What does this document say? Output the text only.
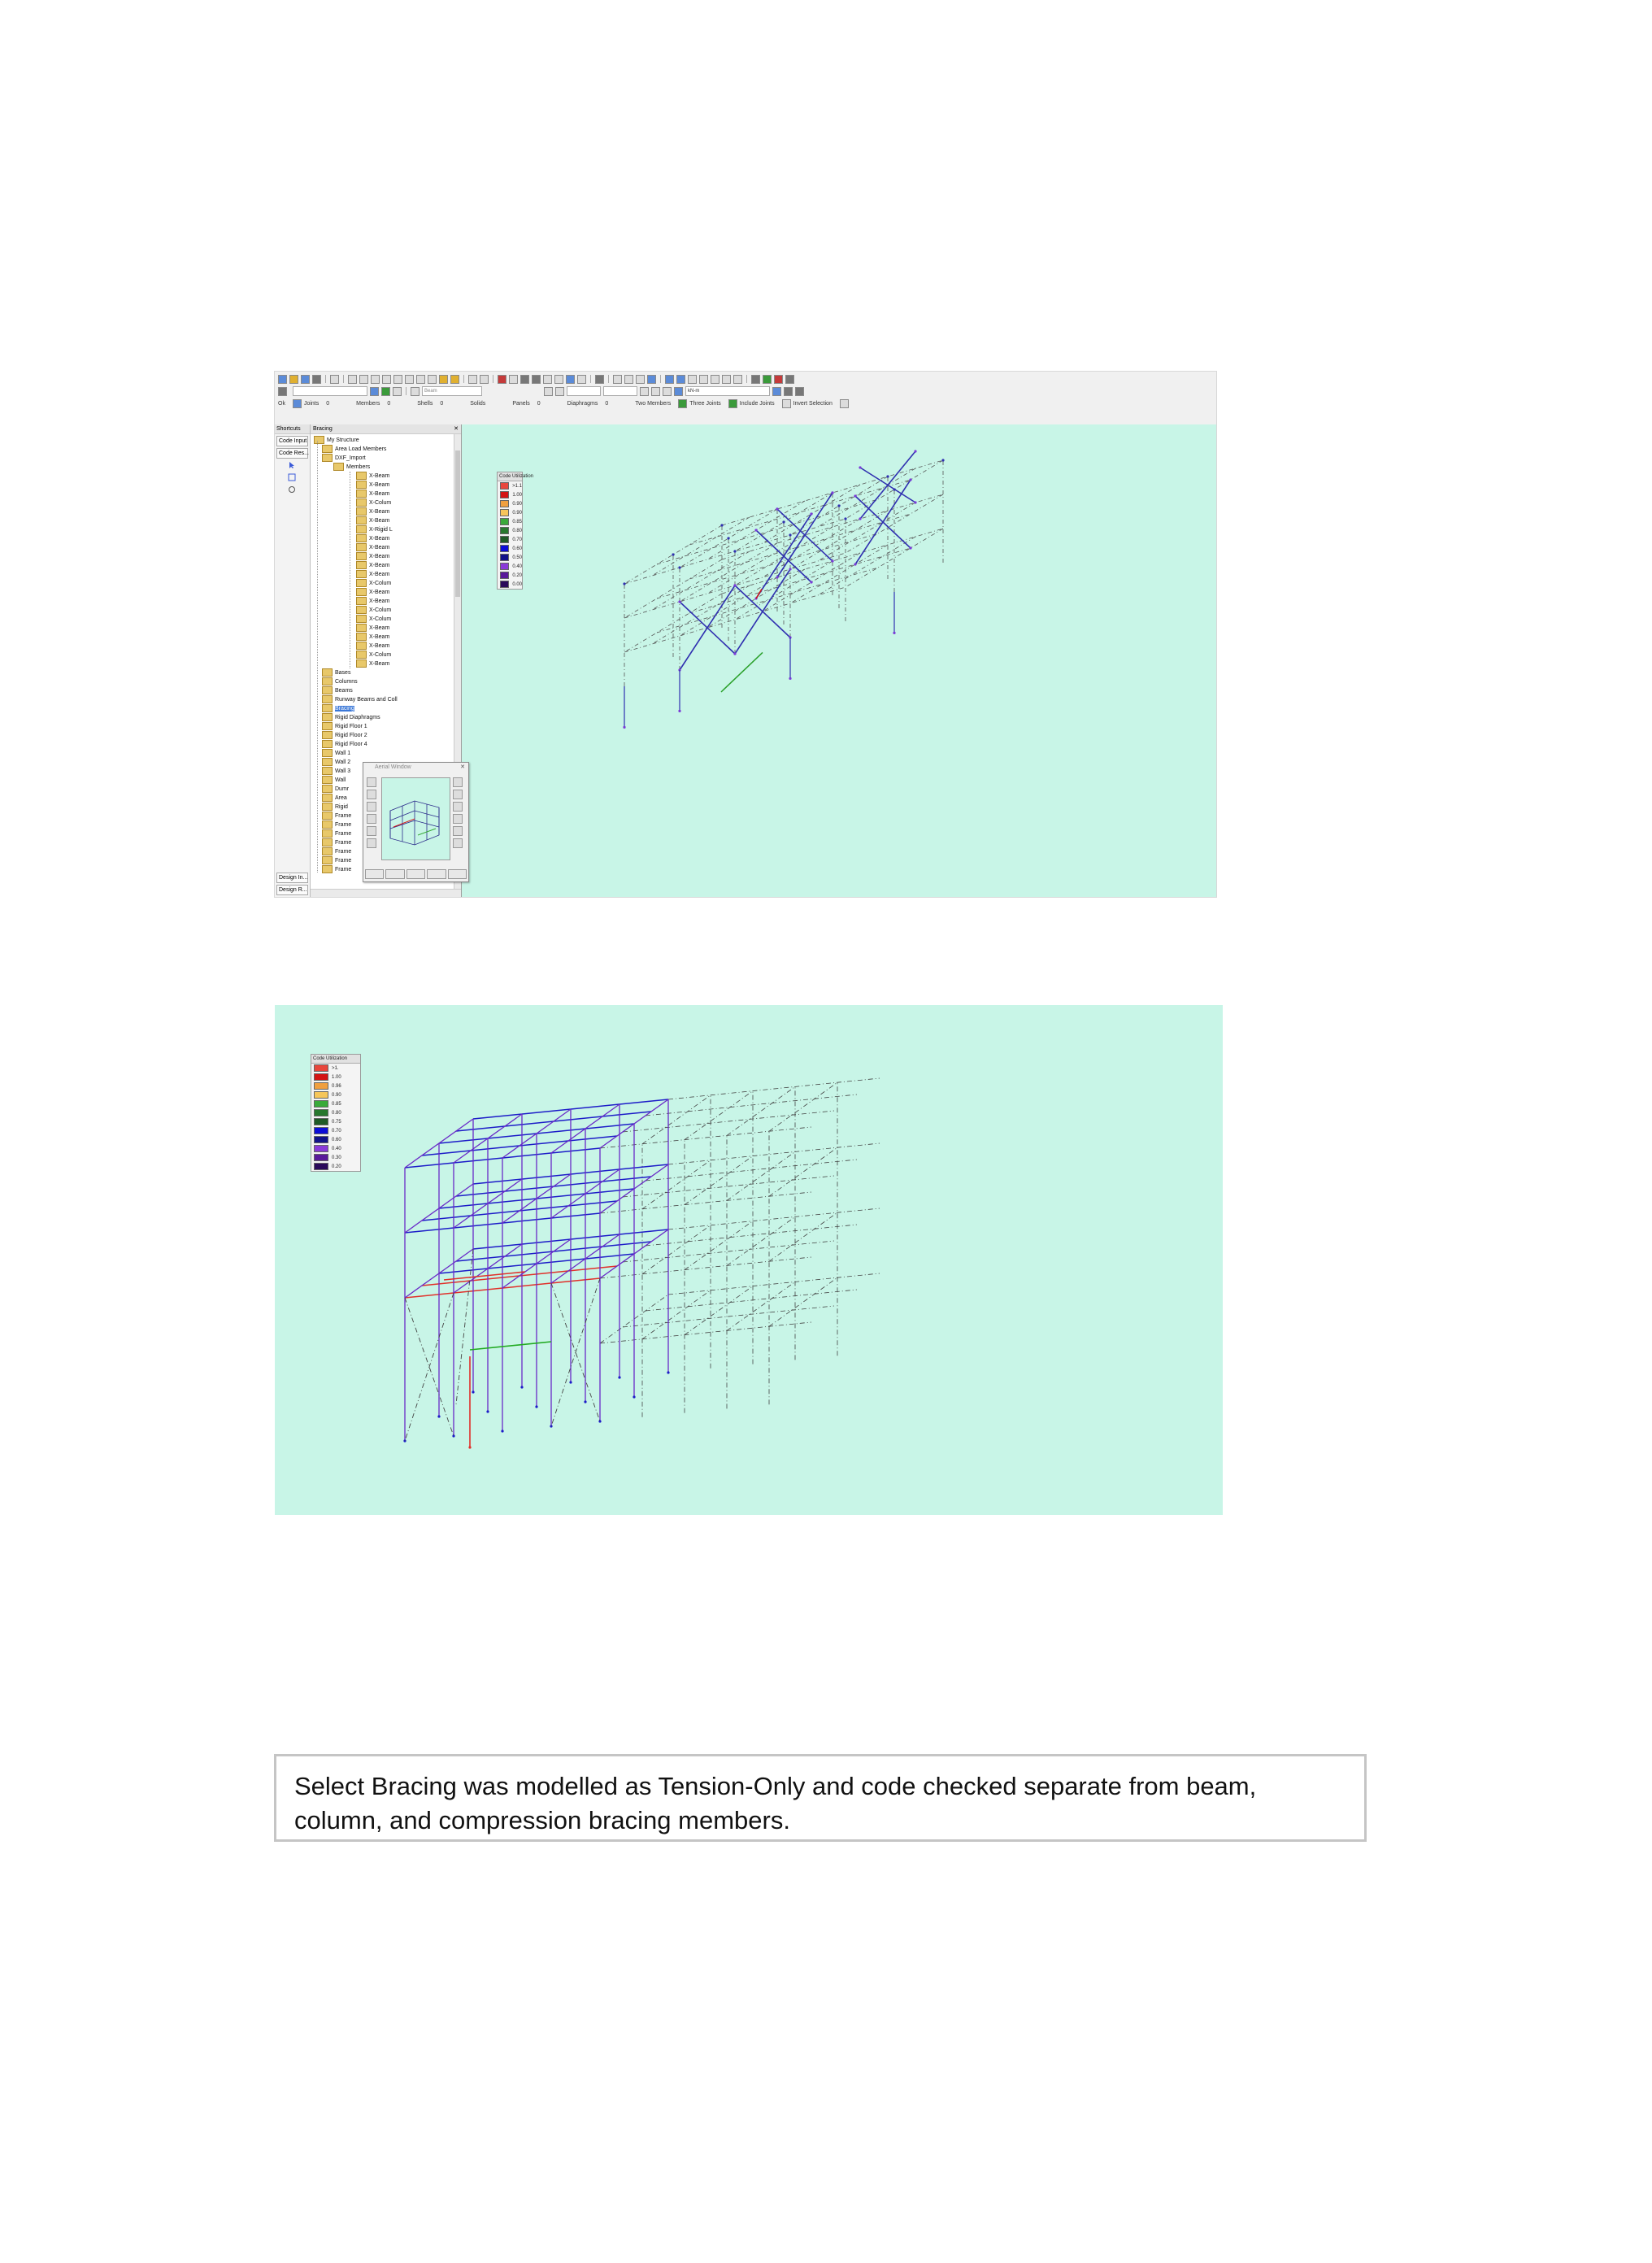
Beam	kN-m
Ok	Joints 0	Members 0	Shells 0	Solids	Panels 0	Diaphragms 0	Two Members	Three Joints	Include Joints	Invert Selection
Shortcuts
Code Input
Code Res...

Design In...
Design R...
Bracing	✕
My Structure
Area Load Members
DXF_Import
Members
X-Beam
X-Beam
X-Beam
X-Colum
X-Beam
X-Beam
X-Rigid L
X-Beam
X-Beam
X-Beam
X-Beam
X-Beam
X-Colum
X-Beam
X-Beam
X-Colum
X-Colum
X-Beam
X-Beam
X-Beam
X-Colum
X-Beam
Bases
Columns
Beams
Runway Beams and Coll
Bracing
Rigid Diaphragms
Rigid Floor 1
Rigid Floor 2
Rigid Floor 4
Wall 1
Wall 2
Wall 3
Wall
Dumr
Area
Rigid
Frame
Frame
Frame
Frame
Frame
Frame
Frame
Code Utilization
>1.1
1.00
0.90
0.90
0.85
0.80
0.70
0.60
0.50
0.40
0.20
0.00
Aerial Window	✕
Code Utilization
>1.
1.00
0.96
0.90
0.85
0.80
0.75
0.70
0.60
0.40
0.30
0.20
Select Bracing was modelled as Tension-Only and code checked separate from beam, column, and compression bracing members.
